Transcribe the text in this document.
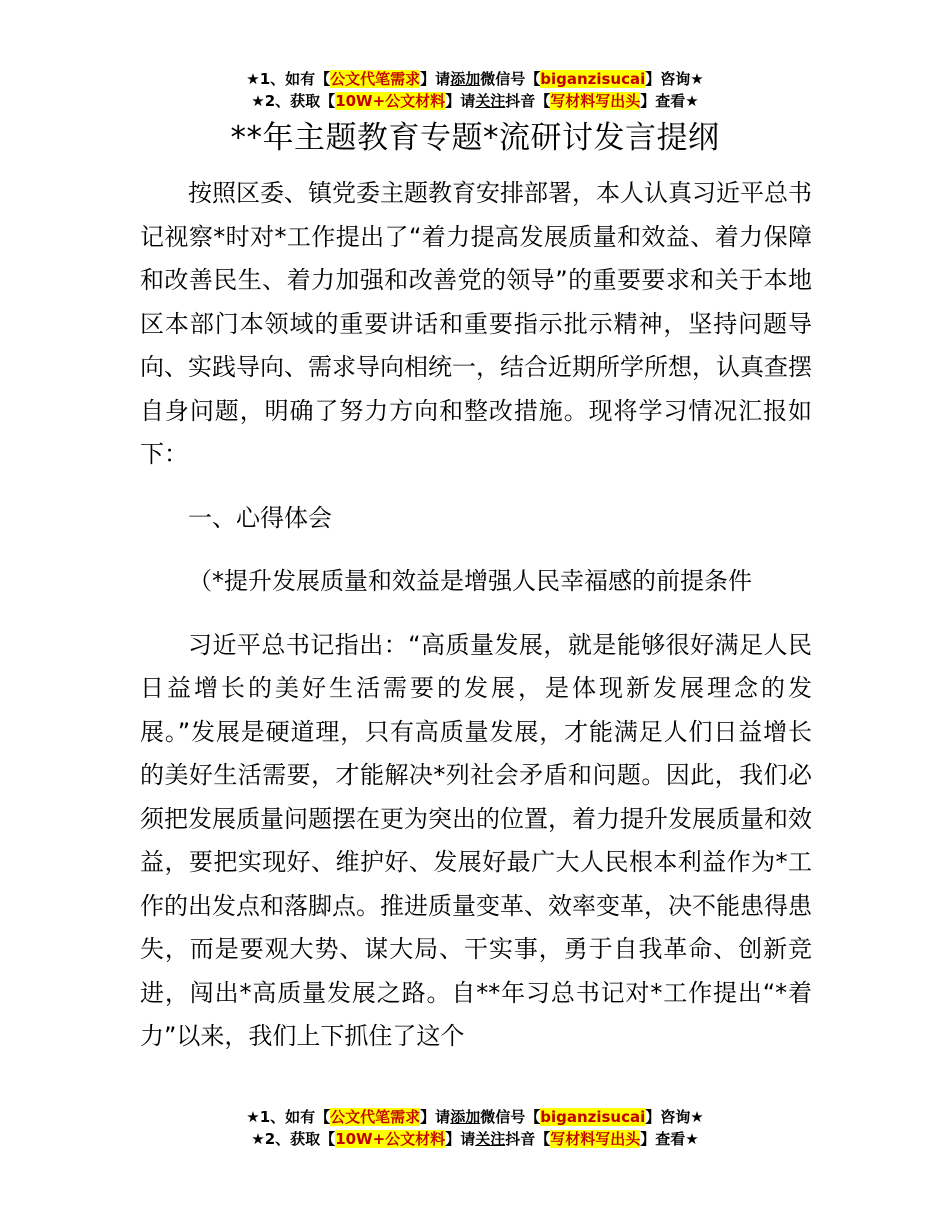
★1、如有【公文代笔需求】请添加微信号【biganzisucai】咨询★
★2、获取【10W+公文材料】请关注抖音【写材料写出头】查看★
**年主题教育专题*流研讨发言提纲

按照区委、镇党委主题教育安排部署，本人认真习近平总书记视察*时对*工作提出了“着力提高发展质量和效益、着力保障和改善民生、着力加强和改善党的领导”的重要要求和关于本地区本部门本领域的重要讲话和重要指示批示精神，坚持问题导向、实践导向、需求导向相统一，结合近期所学所想，认真查摆自身问题，明确了努力方向和整改措施。现将学习情况汇报如下：

一、心得体会

（*提升发展质量和效益是增强人民幸福感的前提条件

习近平总书记指出：“高质量发展，就是能够很好满足人民日益增长的美好生活需要的发展，是体现新发展理念的发展。”发展是硬道理，只有高质量发展，才能满足人们日益增长的美好生活需要，才能解决*列社会矛盾和问题。因此，我们必须把发展质量问题摆在更为突出的位置，着力提升发展质量和效益，要把实现好、维护好、发展好最广大人民根本利益作为*工作的出发点和落脚点。推进质量变革、效率变革，决不能患得患失，而是要观大势、谋大局、干实事，勇于自我革命、创新竞进，闯出*高质量发展之路。自**年习总书记对*工作提出“*着力”以来，我们上下抓住了这个

★1、如有【公文代笔需求】请添加微信号【biganzisucai】咨询★
★2、获取【10W+公文材料】请关注抖音【写材料写出头】查看★
